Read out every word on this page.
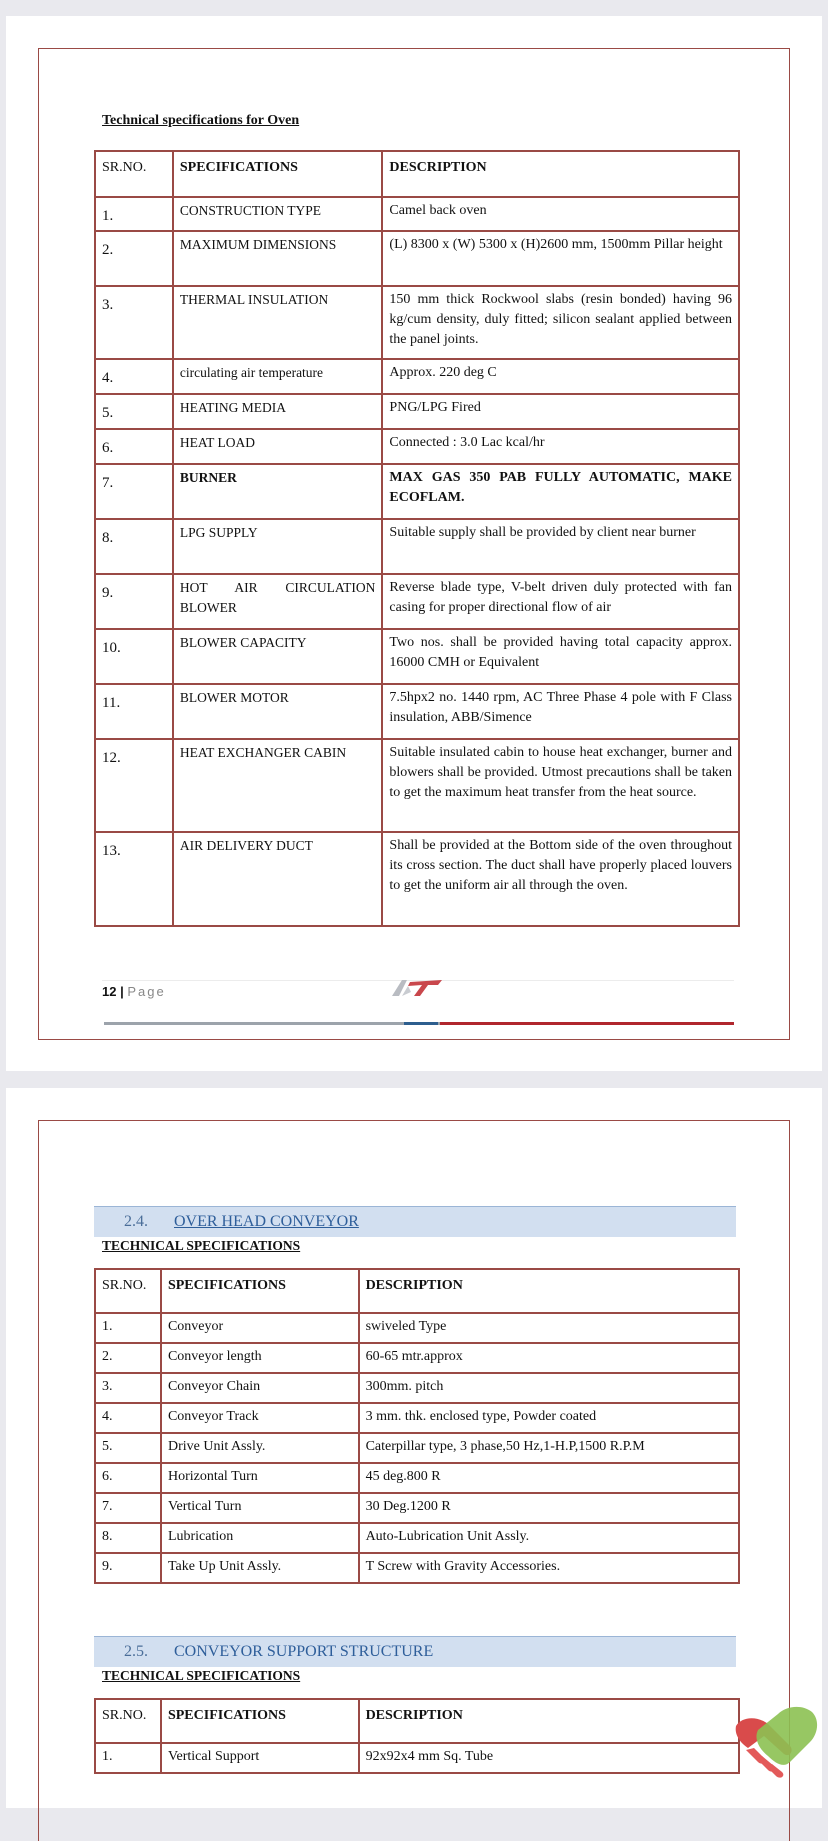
Technical specifications for Oven
SR.NO.	SPECIFICATIONS	DESCRIPTION
1.	CONSTRUCTION TYPE	Camel back oven
2.	MAXIMUM DIMENSIONS	(L) 8300 x (W) 5300 x (H)2600 mm, 1500mm Pillar height
3.	THERMAL INSULATION	150 mm thick Rockwool slabs (resin bonded) having 96 kg/cum density, duly fitted; silicon sealant applied between the panel joints.
4.	circulating air temperature	Approx. 220 deg C
5.	HEATING MEDIA	PNG/LPG Fired
6.	HEAT LOAD	Connected : 3.0 Lac kcal/hr
7.	BURNER	MAX GAS 350 PAB FULLY AUTOMATIC, MAKE ECOFLAM.
8.	LPG SUPPLY	Suitable supply shall be provided by client near burner
9.	HOT AIR CIRCULATION BLOWER	Reverse blade type, V-belt driven duly protected with fan casing for proper directional flow of air
10.	BLOWER CAPACITY	Two nos. shall be provided having total capacity approx. 16000 CMH or Equivalent
11.	BLOWER MOTOR	7.5hpx2 no. 1440 rpm, AC Three Phase 4 pole with F Class insulation, ABB/Simence
12.	HEAT EXCHANGER CABIN	Suitable insulated cabin to house heat exchanger, burner and blowers shall be provided. Utmost precautions shall be taken to get the maximum heat transfer from the heat source.
13.	AIR DELIVERY DUCT	Shall be provided at the Bottom side of the oven throughout its cross section. The duct shall have properly placed louvers to get the uniform air all through the oven.
12 | Page
2.4. OVER HEAD CONVEYOR
TECHNICAL SPECIFICATIONS
SR.NO.	SPECIFICATIONS	DESCRIPTION
1.	Conveyor	swiveled Type
2.	Conveyor length	60-65 mtr.approx
3.	Conveyor Chain	300mm. pitch
4.	Conveyor Track	3 mm. thk. enclosed type, Powder coated
5.	Drive Unit Assly.	Caterpillar type, 3 phase,50 Hz,1-H.P,1500 R.P.M
6.	Horizontal Turn	45 deg.800 R
7.	Vertical Turn	30 Deg.1200 R
8.	Lubrication	Auto-Lubrication Unit Assly.
9.	Take Up Unit Assly.	T Screw with Gravity Accessories.
2.5. CONVEYOR SUPPORT STRUCTURE
TECHNICAL SPECIFICATIONS
SR.NO.	SPECIFICATIONS	DESCRIPTION
1.	Vertical Support	92x92x4 mm Sq. Tube
